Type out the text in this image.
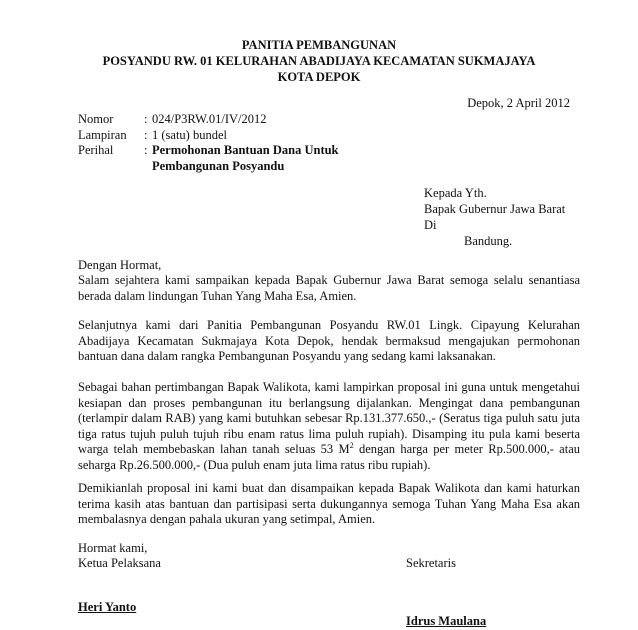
PANITIA PEMBANGUNAN
POSYANDU RW. 01 KELURAHAN ABADIJAYA KECAMATAN SUKMAJAYA
KOTA DEPOK
Depok, 2 April 2012
Nomor	: 024/P3RW.01/IV/2012
Lampiran	: 1 (satu) bundel
Perihal	: Permohonan Bantuan Dana Untuk
Pembangunan Posyandu
Kepada Yth.
Bapak Gubernur Jawa Barat
Di
Bandung.
Dengan Hormat,
Salam sejahtera kami sampaikan kepada Bapak Gubernur Jawa Barat semoga selalu senantiasa berada dalam lindungan Tuhan Yang Maha Esa, Amien.
Selanjutnya kami dari Panitia Pembangunan Posyandu RW.01 Lingk. Cipayung Kelurahan Abadijaya Kecamatan Sukmajaya Kota Depok, hendak bermaksud mengajukan permohonan bantuan dana dalam rangka Pembangunan Posyandu yang sedang kami laksanakan.
Sebagai bahan pertimbangan Bapak Walikota, kami lampirkan proposal ini guna untuk mengetahui kesiapan dan proses pembangunan itu berlangsung dijalankan. Mengingat dana pembangunan (terlampir dalam RAB) yang kami butuhkan sebesar Rp.131.377.650.,- (Seratus tiga puluh satu juta tiga ratus tujuh puluh tujuh ribu enam ratus lima puluh rupiah). Disamping itu pula kami beserta warga telah membebaskan lahan tanah seluas 53 $M^2$ dengan harga per meter Rp.500.000,- atau seharga Rp.26.500.000,- (Dua puluh enam juta lima ratus ribu rupiah).
Demikianlah proposal ini kami buat dan disampaikan kepada Bapak Walikota dan kami haturkan terima kasih atas bantuan dan partisipasi serta dukungannya semoga Tuhan Yang Maha Esa akan membalasnya dengan pahala ukuran yang setimpal, Amien.
Hormat kami,
Ketua Pelaksana	Sekretaris
Heri Yanto
Idrus Maulana
